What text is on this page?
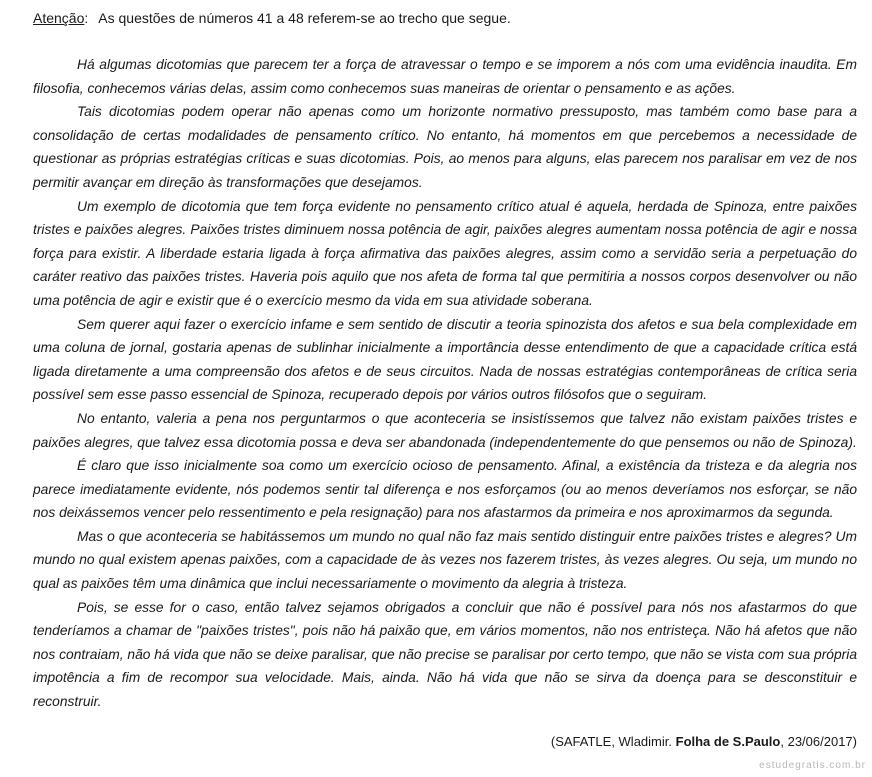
Atenção: As questões de números 41 a 48 referem-se ao trecho que segue.

Há algumas dicotomias que parecem ter a força de atravessar o tempo e se imporem a nós com uma evidência inaudita. Em filosofia, conhecemos várias delas, assim como conhecemos suas maneiras de orientar o pensamento e as ações.

Tais dicotomias podem operar não apenas como um horizonte normativo pressuposto, mas também como base para a consolidação de certas modalidades de pensamento crítico. No entanto, há momentos em que percebemos a necessidade de questionar as próprias estratégias críticas e suas dicotomias. Pois, ao menos para alguns, elas parecem nos paralisar em vez de nos permitir avançar em direção às transformações que desejamos.

Um exemplo de dicotomia que tem força evidente no pensamento crítico atual é aquela, herdada de Spinoza, entre paixões tristes e paixões alegres. Paixões tristes diminuem nossa potência de agir, paixões alegres aumentam nossa potência de agir e nossa força para existir. A liberdade estaria ligada à força afirmativa das paixões alegres, assim como a servidão seria a perpetuação do caráter reativo das paixões tristes. Haveria pois aquilo que nos afeta de forma tal que permitiria a nossos corpos desenvolver ou não uma potência de agir e existir que é o exercício mesmo da vida em sua atividade soberana.

Sem querer aqui fazer o exercício infame e sem sentido de discutir a teoria spinozista dos afetos e sua bela complexidade em uma coluna de jornal, gostaria apenas de sublinhar inicialmente a importância desse entendimento de que a capacidade crítica está ligada diretamente a uma compreensão dos afetos e de seus circuitos. Nada de nossas estratégias contemporâneas de crítica seria possível sem esse passo essencial de Spinoza, recuperado depois por vários outros filósofos que o seguiram.

No entanto, valeria a pena nos perguntarmos o que aconteceria se insistíssemos que talvez não existam paixões tristes e paixões alegres, que talvez essa dicotomia possa e deva ser abandonada (independentemente do que pensemos ou não de Spinoza).

É claro que isso inicialmente soa como um exercício ocioso de pensamento. Afinal, a existência da tristeza e da alegria nos parece imediatamente evidente, nós podemos sentir tal diferença e nos esforçamos (ou ao menos deveríamos nos esforçar, se não nos deixássemos vencer pelo ressentimento e pela resignação) para nos afastarmos da primeira e nos aproximarmos da segunda.

Mas o que aconteceria se habitássemos um mundo no qual não faz mais sentido distinguir entre paixões tristes e alegres? Um mundo no qual existem apenas paixões, com a capacidade de às vezes nos fazerem tristes, às vezes alegres. Ou seja, um mundo no qual as paixões têm uma dinâmica que inclui necessariamente o movimento da alegria à tristeza.

Pois, se esse for o caso, então talvez sejamos obrigados a concluir que não é possível para nós nos afastarmos do que tenderíamos a chamar de "paixões tristes", pois não há paixão que, em vários momentos, não nos entristeça. Não há afetos que não nos contraiam, não há vida que não se deixe paralisar, que não precise se paralisar por certo tempo, que não se vista com sua própria impotência a fim de recompor sua velocidade. Mais, ainda. Não há vida que não se sirva da doença para se desconstituir e reconstruir.

(SAFATLE, Wladimir. Folha de S.Paulo, 23/06/2017)
estudegratis.com.br
